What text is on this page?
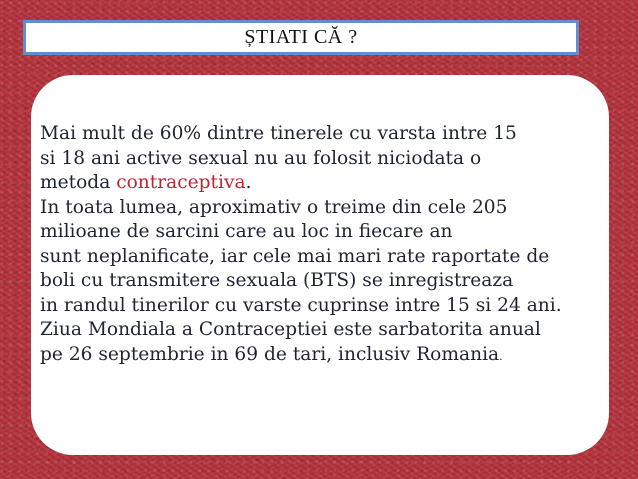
ȘTIATI CĂ ?
Mai mult de 60% dintre tinerele cu varsta intre 15
si 18 ani active sexual nu au folosit niciodata o
metoda contraceptiva.
In toata lumea, aproximativ o treime din cele 205
milioane de sarcini care au loc in fiecare an
sunt neplanificate, iar cele mai mari rate raportate de
boli cu transmitere sexuala (BTS) se inregistreaza
in randul tinerilor cu varste cuprinse intre 15 si 24 ani.
Ziua Mondiala a Contraceptiei este sarbatorita anual
pe 26 septembrie in 69 de tari, inclusiv Romania.
